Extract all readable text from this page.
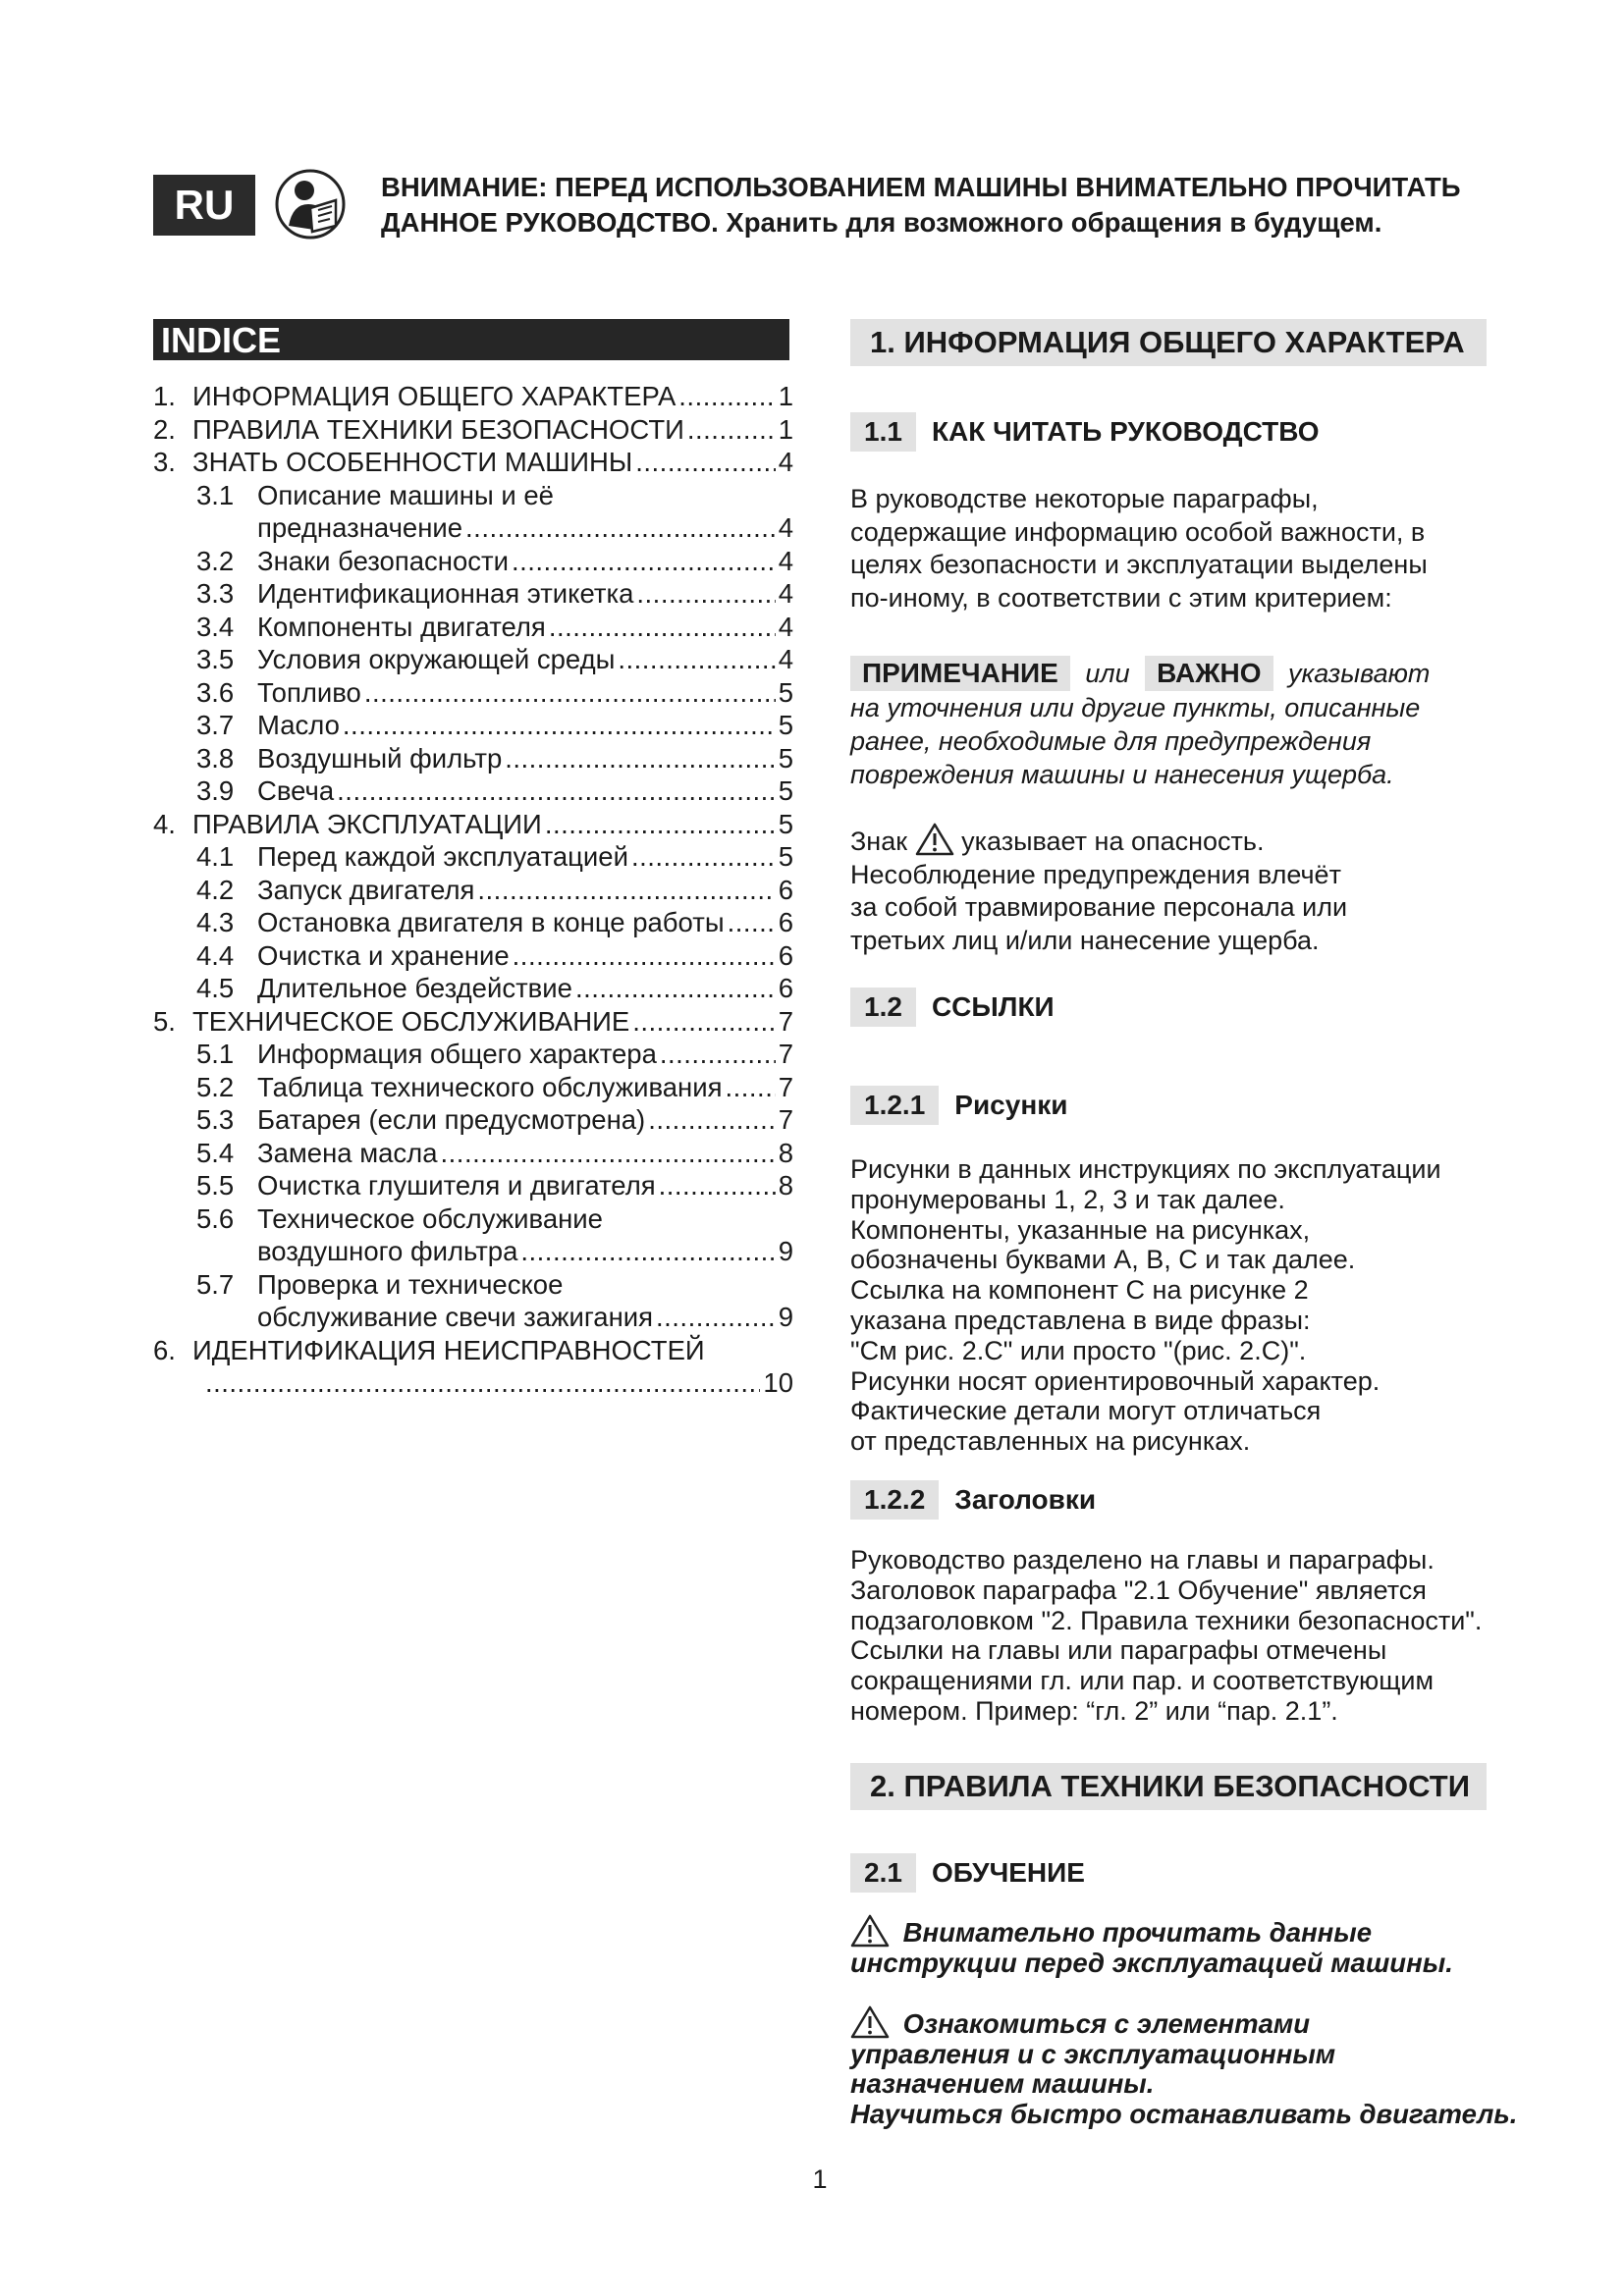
RU	ВНИМАНИЕ: ПЕРЕД ИСПОЛЬЗОВАНИЕМ МАШИНЫ ВНИМАТЕЛЬНО ПРОЧИТАТЬ
ДАННОЕ РУКОВОДСТВО. Хранить для возможного обращения в будущем.
INDICE
1. ИНФОРМАЦИЯ ОБЩЕГО ХАРАКТЕРА .....	1
2. ПРАВИЛА ТЕХНИКИ БЕЗОПАСНОСТИ .....	1
3. ЗНАТЬ ОСОБЕННОСТИ МАШИНЫ .....	4
3.1 Описание машины и её
предназначение .....	4
3.2 Знаки безопасности .....	4
3.3 Идентификационная этикетка .....	4
3.4 Компоненты двигателя .....	4
3.5 Условия окружающей среды .....	4
3.6 Топливо .....	5
3.7 Масло .....	5
3.8 Воздушный фильтр .....	5
3.9 Свеча .....	5
4. ПРАВИЛА ЭКСПЛУАТАЦИИ .....	5
4.1 Перед каждой эксплуатацией .....	5
4.2 Запуск двигателя .....	6
4.3 Остановка двигателя в конце работы ..... 6
4.4 Очистка и хранение .....	6
4.5 Длительное бездействие .....	6
5. ТЕХНИЧЕСКОЕ ОБСЛУЖИВАНИЕ .....	7
5.1 Информация общего характера .....	7
5.2 Таблица технического обслуживания ..... 7
5.3 Батарея (если предусмотрена) .....	7
5.4 Замена масла .....	8
5.5 Очистка глушителя и двигателя .....	8
5.6 Техническое обслуживание
воздушного фильтра .....	9
5.7 Проверка и техническое
обслуживание свечи зажигания .....	9
6. ИДЕНТИФИКАЦИЯ НЕИСПРАВНОСТЕЙ
.....
10
1. ИНФОРМАЦИЯ ОБЩЕГО ХАРАКТЕРА
1.1	КАК ЧИТАТЬ РУКОВОДСТВО
В руководстве некоторые параграфы,
содержащие информацию особой важности, в
целях безопасности и эксплуатации выделены
по-иному, в соответствии с этим критерием:
ПРИМЕЧАНИЕ или ВАЖНО указывают
на уточнения или другие пункты, описанные
ранее, необходимые для предупреждения
повреждения машины и нанесения ущерба.
Знак указывает на опасность.
Несоблюдение предупреждения влечёт
за собой травмирование персонала или
третьих лиц и/или нанесение ущерба.
1.2	ССЫЛКИ
1.2.1	Рисунки
Рисунки в данных инструкциях по эксплуатации
пронумерованы 1, 2, 3 и так далее.
Компоненты, указанные на рисунках,
обозначены буквами A, B, C и так далее.
Ссылка на компонент С на рисунке 2
указана представлена в виде фразы:
"См рис. 2.C" или просто "(рис. 2.C)".
Рисунки носят ориентировочный характер.
Фактические детали могут отличаться
от представленных на рисунках.
1.2.2	Заголовки
Руководство разделено на главы и параграфы.
Заголовок параграфа "2.1 Обучение" является
подзаголовком "2. Правила техники безопасности".
Ссылки на главы или параграфы отмечены
сокращениями гл. или пар. и соответствующим
номером. Пример: “гл. 2” или “пар. 2.1”.
2. ПРАВИЛА ТЕХНИКИ БЕЗОПАСНОСТИ
2.1	ОБУЧЕНИЕ
Внимательно прочитать данные
инструкции перед эксплуатацией машины.
Ознакомиться с элементами
управления и с эксплуатационным
назначением машины.
Научиться быстро останавливать двигатель.
1
